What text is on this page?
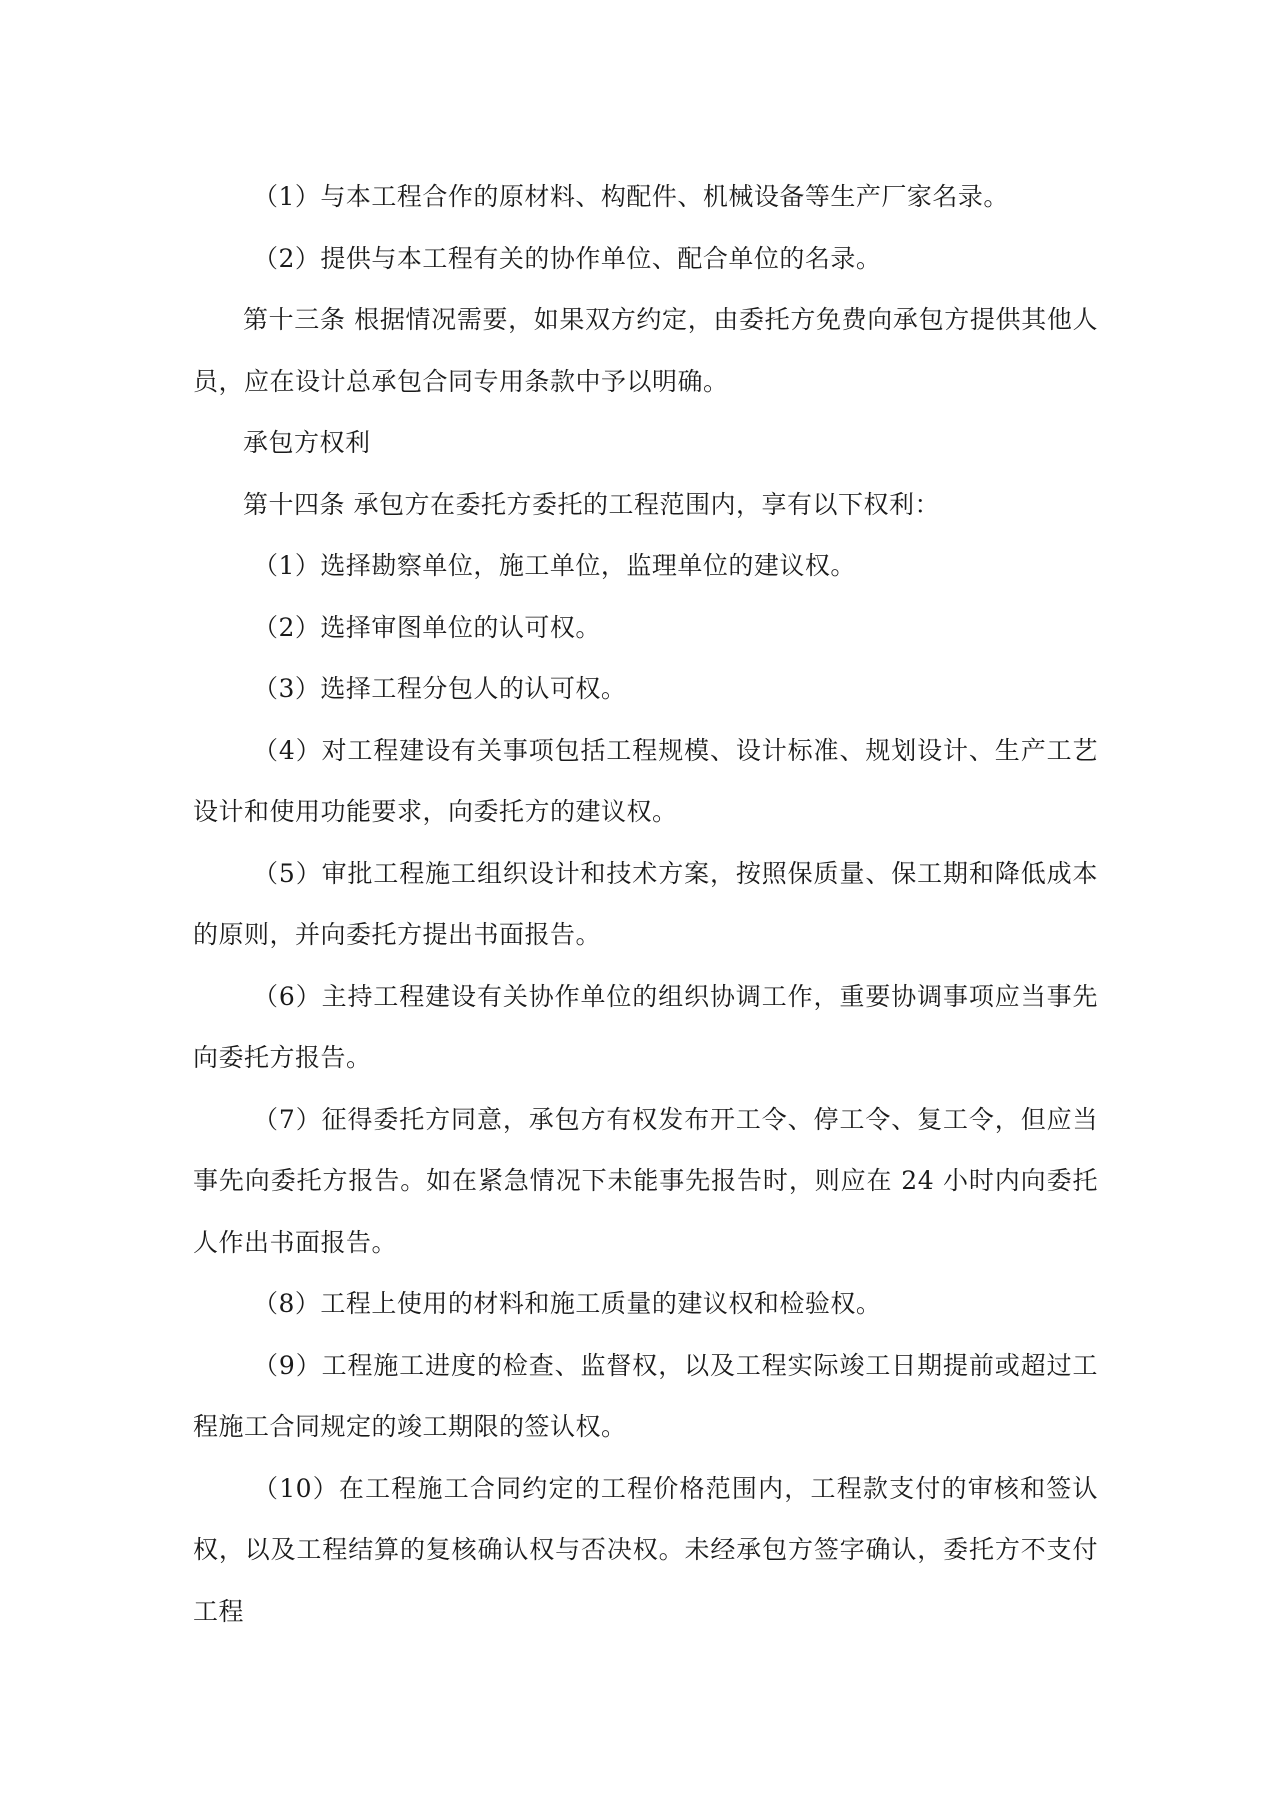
（1）与本工程合作的原材料、构配件、机械设备等生产厂家名录。

（2）提供与本工程有关的协作单位、配合单位的名录。

第十三条 根据情况需要，如果双方约定，由委托方免费向承包方提供其他人员，应在设计总承包合同专用条款中予以明确。

承包方权利

第十四条 承包方在委托方委托的工程范围内，享有以下权利：

（1）选择勘察单位，施工单位，监理单位的建议权。

（2）选择审图单位的认可权。

（3）选择工程分包人的认可权。

（4）对工程建设有关事项包括工程规模、设计标准、规划设计、生产工艺设计和使用功能要求，向委托方的建议权。

（5）审批工程施工组织设计和技术方案，按照保质量、保工期和降低成本的原则，并向委托方提出书面报告。

（6）主持工程建设有关协作单位的组织协调工作，重要协调事项应当事先向委托方报告。

（7）征得委托方同意，承包方有权发布开工令、停工令、复工令，但应当事先向委托方报告。如在紧急情况下未能事先报告时，则应在 24 小时内向委托人作出书面报告。

（8）工程上使用的材料和施工质量的建议权和检验权。

（9）工程施工进度的检查、监督权，以及工程实际竣工日期提前或超过工程施工合同规定的竣工期限的签认权。

（10）在工程施工合同约定的工程价格范围内，工程款支付的审核和签认权，以及工程结算的复核确认权与否决权。未经承包方签字确认，委托方不支付工程
